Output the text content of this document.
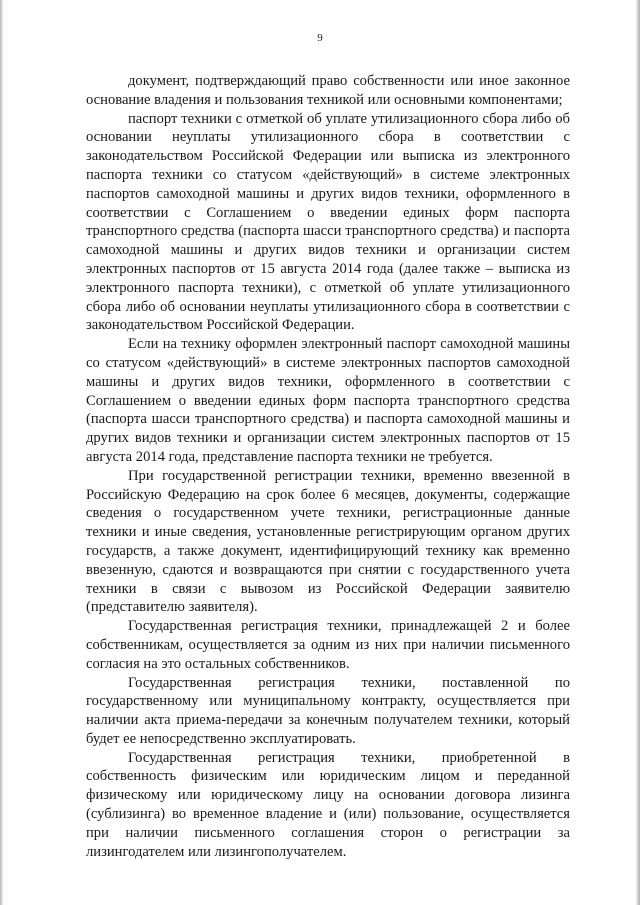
9

документ, подтверждающий право собственности или иное законное основание владения и пользования техникой или основными компонентами;

паспорт техники с отметкой об уплате утилизационного сбора либо об основании неуплаты утилизационного сбора в соответствии с законодательством Российской Федерации или выписка из электронного паспорта техники со статусом «действующий» в системе электронных паспортов самоходной машины и других видов техники, оформленного в соответствии с Соглашением о введении единых форм паспорта транспортного средства (паспорта шасси транспортного средства) и паспорта самоходной машины и других видов техники и организации систем электронных паспортов от 15 августа 2014 года (далее также – выписка из электронного паспорта техники), с отметкой об уплате утилизационного сбора либо об основании неуплаты утилизационного сбора в соответствии с законодательством Российской Федерации.

Если на технику оформлен электронный паспорт самоходной машины со статусом «действующий» в системе электронных паспортов самоходной машины и других видов техники, оформленного в соответствии с Соглашением о введении единых форм паспорта транспортного средства (паспорта шасси транспортного средства) и паспорта самоходной машины и других видов техники и организации систем электронных паспортов от 15 августа 2014 года, представление паспорта техники не требуется.

При государственной регистрации техники, временно ввезенной в Российскую Федерацию на срок более 6 месяцев, документы, содержащие сведения о государственном учете техники, регистрационные данные техники и иные сведения, установленные регистрирующим органом других государств, а также документ, идентифицирующий технику как временно ввезенную, сдаются и возвращаются при снятии с государственного учета техники в связи с вывозом из Российской Федерации заявителю (представителю заявителя).

Государственная регистрация техники, принадлежащей 2 и более собственникам, осуществляется за одним из них при наличии письменного согласия на это остальных собственников.

Государственная регистрация техники, поставленной по государственному или муниципальному контракту, осуществляется при наличии акта приема-передачи за конечным получателем техники, который будет ее непосредственно эксплуатировать.

Государственная регистрация техники, приобретенной в собственность физическим или юридическим лицом и переданной физическому или юридическому лицу на основании договора лизинга (сублизинга) во временное владение и (или) пользование, осуществляется при наличии письменного соглашения сторон о регистрации за лизингодателем или лизингополучателем.
